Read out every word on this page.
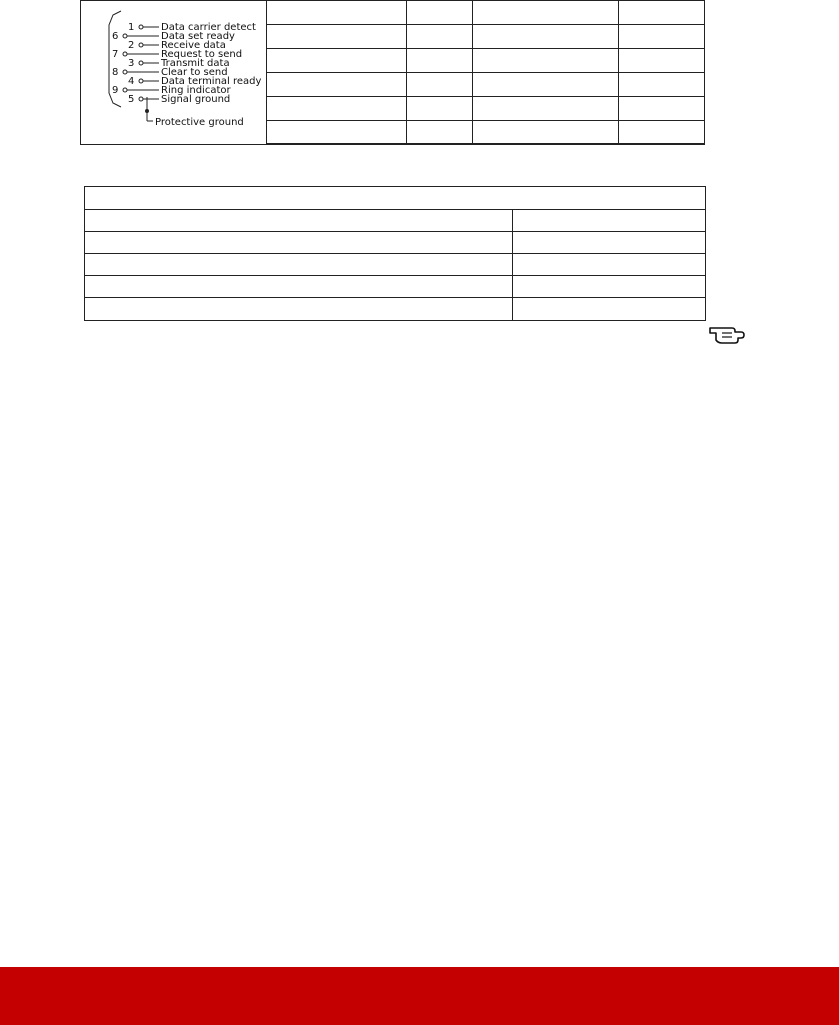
1	Data carrier detect
6	Data set ready
2	Receive data
7	Request to send
3	Transmit data
8	Clear to send
4	Data terminal ready
9	Ring indicator
5	Signal ground
Protective ground
